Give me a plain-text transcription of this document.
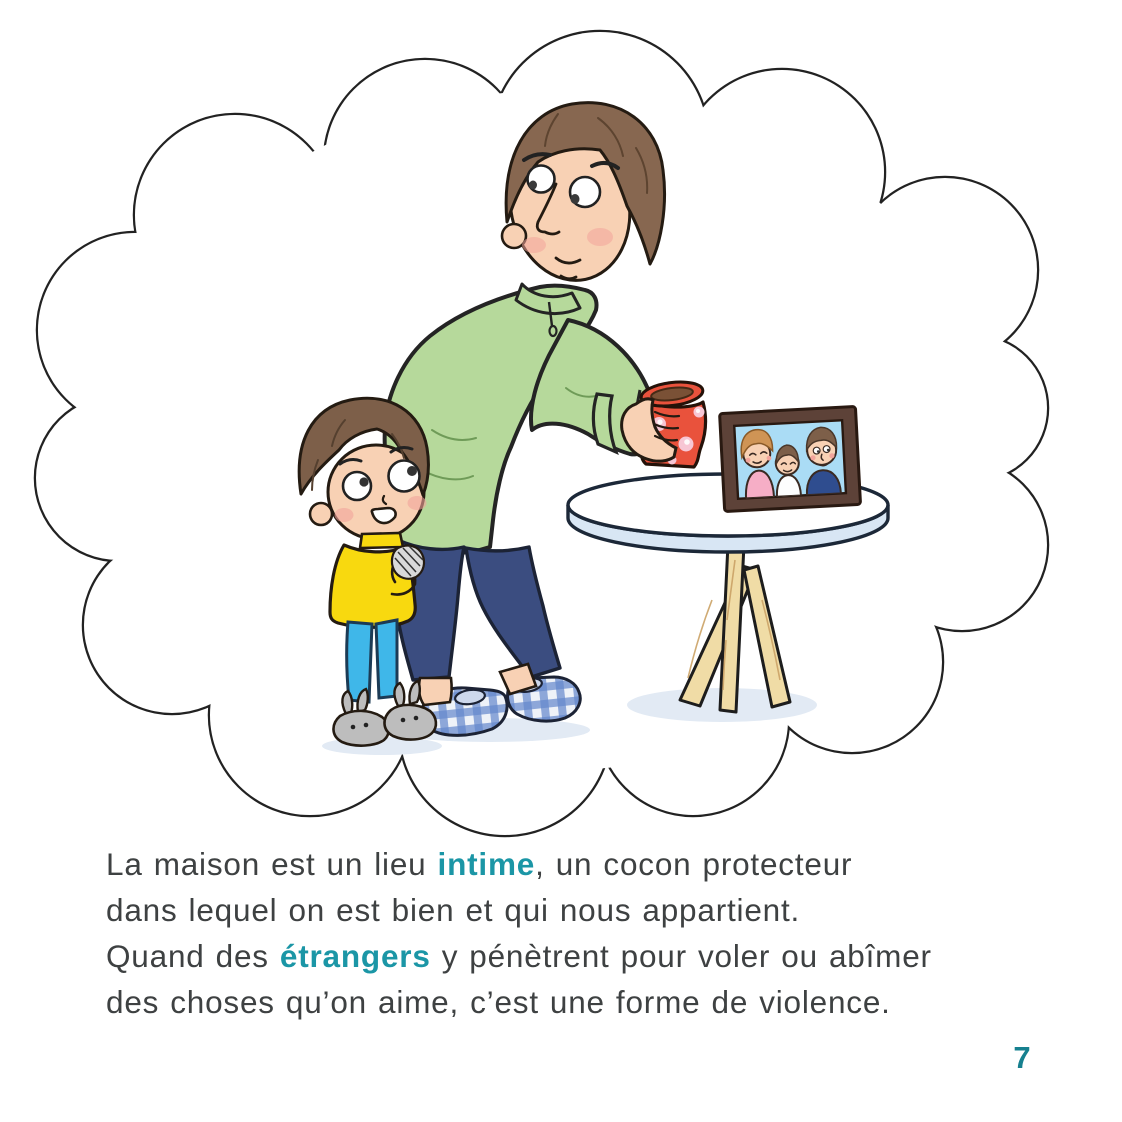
La maison est un lieu intime, un cocon protecteur
dans lequel on est bien et qui nous appartient.
Quand des étrangers y pénètrent pour voler ou abîmer
des choses qu’on aime, c’est une forme de violence.
7
